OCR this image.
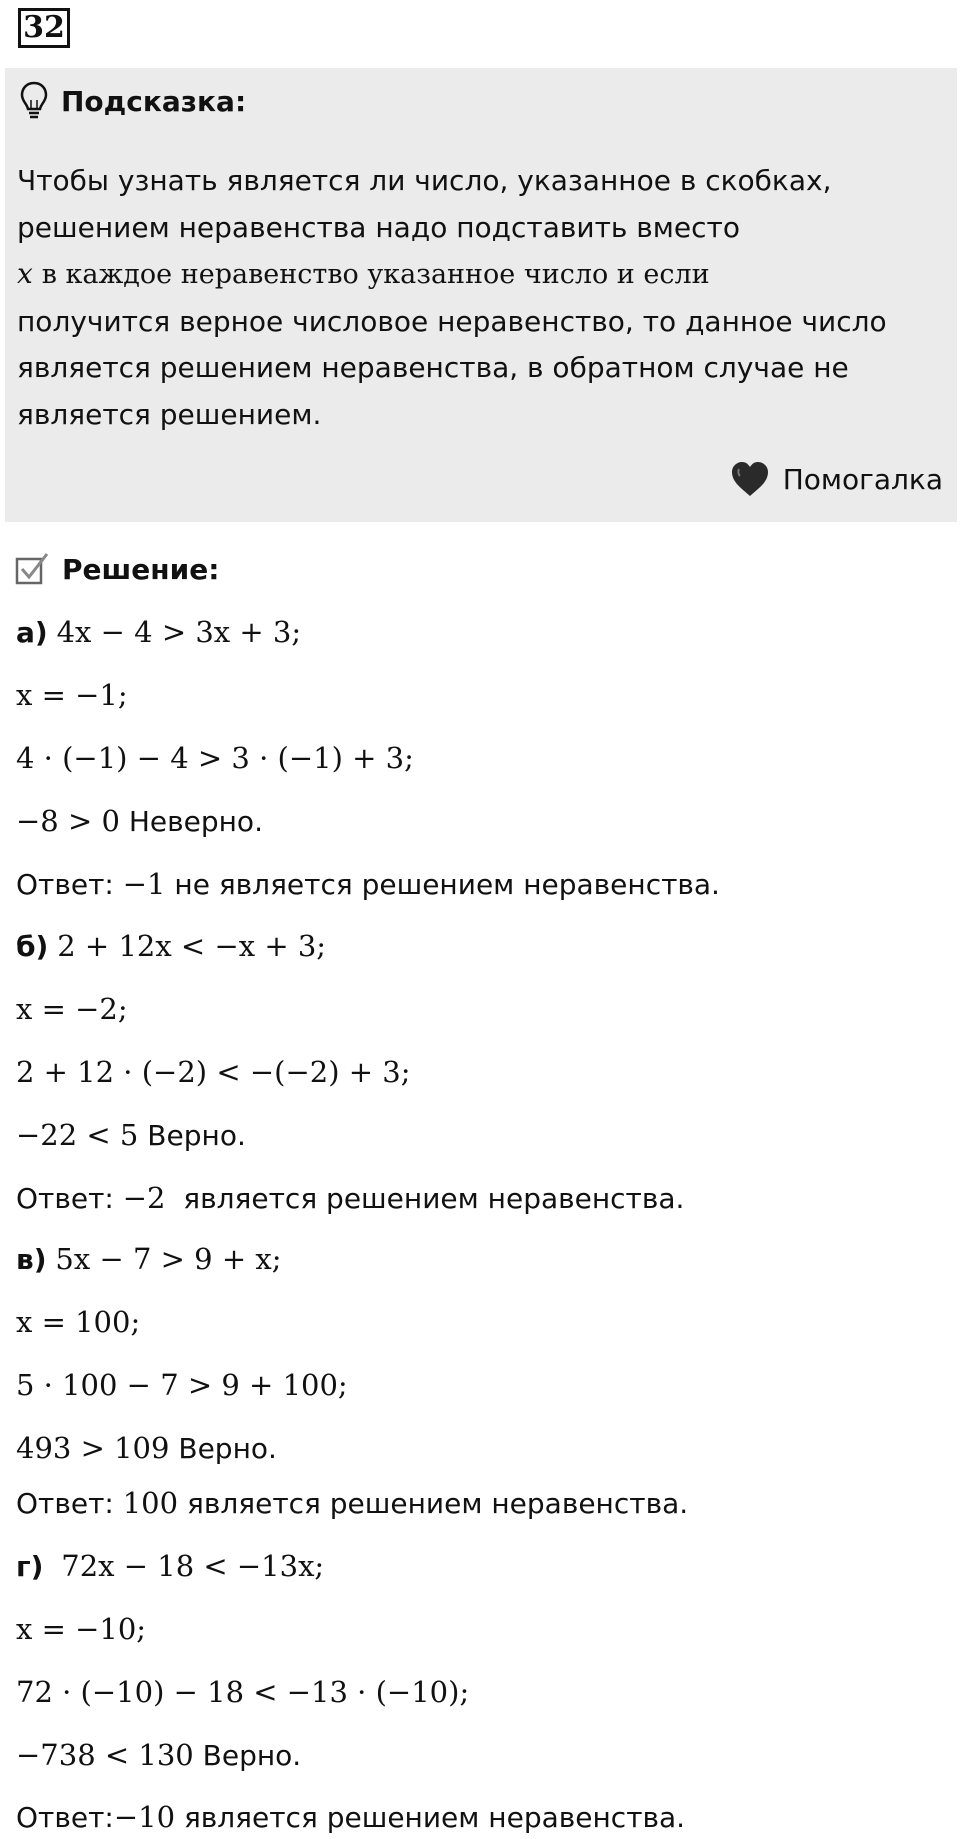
32
Подсказка:
Чтобы узнать является ли число, указанное в скобках,
решением неравенства надо подставить вместо
x в каждое неравенство указанное число и если
получится верное числовое неравенство, то данное число
является решением неравенства, в обратном случае не
является решением.
Помогалка
Решение:
а) 4x − 4 > 3x + 3;
x = −1;
4 · (−1) − 4 > 3 · (−1) + 3;
−8 > 0 Неверно.
Ответ: −1 не является решением неравенства.
б) 2 + 12x < −x + 3;
x = −2;
2 + 12 · (−2) < −(−2) + 3;
−22 < 5 Верно.
Ответ: −2 является решением неравенства.
в) 5x − 7 > 9 + x;
x = 100;
5 · 100 − 7 > 9 + 100;
493 > 109 Верно.
Ответ: 100 является решением неравенства.
г) 72x − 18 < −13x;
x = −10;
72 · (−10) − 18 < −13 · (−10);
−738 < 130 Верно.
Ответ:−10 является решением неравенства.
